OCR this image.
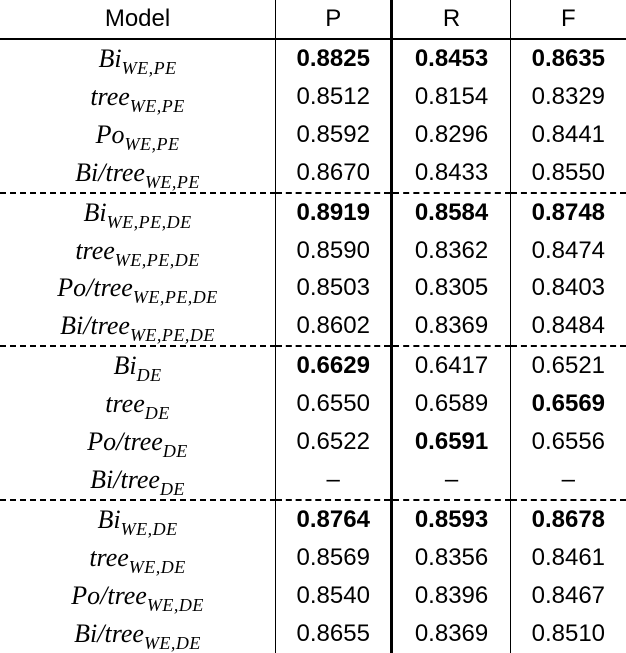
Model	P	R	F
$Bi_{WE,PE}$	0.8825	0.8453	0.8635
tree$_{WE,PE}$	0.8512	0.8154	0.8329
$Po_{WE,PE}$	0.8592	0.8296	0.8441
Bi/tree$_{WE,PE}$	0.8670	0.8433	0.8550
$Bi_{WE,PE,DE}$	0.8919	0.8584	0.8748
tree$_{WE,PE,DE}$	0.8590	0.8362	0.8474
Po/tree$_{WE,PE,DE}$	0.8503	0.8305	0.8403
Bi/tree$_{WE,PE,DE}$	0.8602	0.8369	0.8484
$Bi_{DE}$	0.6629	0.6417	0.6521
tree$_{DE}$	0.6550	0.6589	0.6569
Po/tree$_{DE}$	0.6522	0.6591	0.6556
Bi/tree$_{DE}$	–	–	–
$Bi_{WE,DE}$	0.8764	0.8593	0.8678
tree$_{WE,DE}$	0.8569	0.8356	0.8461
Po/tree$_{WE,DE}$	0.8540	0.8396	0.8467
Bi/tree$_{WE,DE}$	0.8655	0.8369	0.8510
